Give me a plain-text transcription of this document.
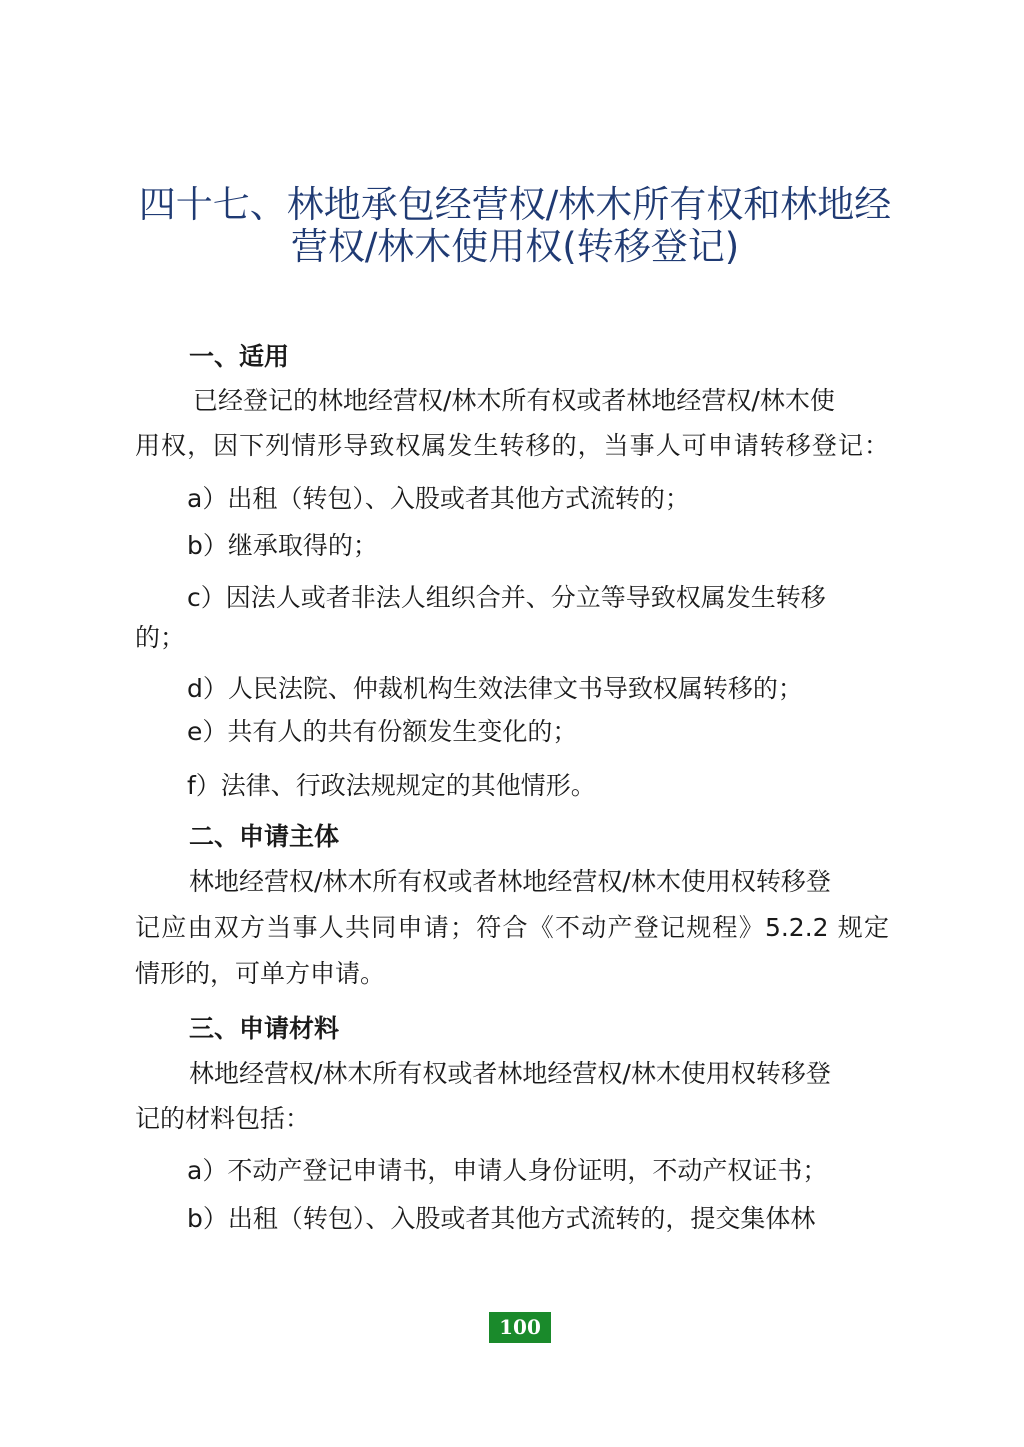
四十七、林地承包经营权/林木所有权和林地经
营权/林木使用权(转移登记)
一、适用
已经登记的林地经营权/林木所有权或者林地经营权/林木使
用权，因下列情形导致权属发生转移的，当事人可申请转移登记：
a）出租（转包）、入股或者其他方式流转的；
b）继承取得的；
c）因法人或者非法人组织合并、分立等导致权属发生转移
的；
d）人民法院、仲裁机构生效法律文书导致权属转移的；
e）共有人的共有份额发生变化的；
f）法律、行政法规规定的其他情形。
二、申请主体
林地经营权/林木所有权或者林地经营权/林木使用权转移登
记应由双方当事人共同申请；符合《不动产登记规程》5.2.2 规定
情形的，可单方申请。
三、申请材料
林地经营权/林木所有权或者林地经营权/林木使用权转移登
记的材料包括：
a）不动产登记申请书，申请人身份证明，不动产权证书；
b）出租（转包）、入股或者其他方式流转的，提交集体林
100
